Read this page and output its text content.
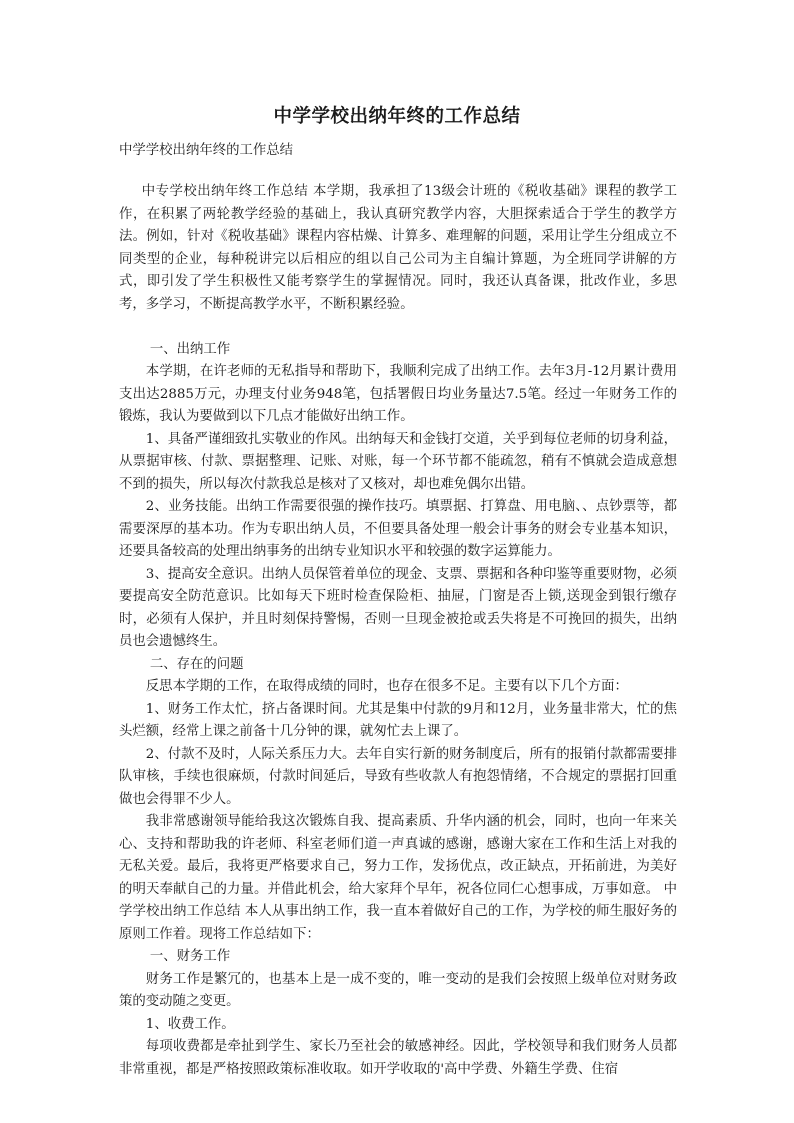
中学学校出纳年终的工作总结
中学学校出纳年终的工作总结

中专学校出纳年终工作总结 本学期，我承担了13级会计班的《税收基础》课程的教学工作，在积累了两轮教学经验的基础上，我认真研究教学内容，大胆探索适合于学生的教学方法。例如，针对《税收基础》课程内容枯燥、计算多、难理解的问题，采用让学生分组成立不同类型的企业，每种税讲完以后相应的组以自己公司为主自编计算题，为全班同学讲解的方式，即引发了学生积极性又能考察学生的掌握情况。同时，我还认真备课，批改作业，多思考，多学习，不断提高教学水平，不断积累经验。

一、出纳工作

本学期，在许老师的无私指导和帮助下，我顺利完成了出纳工作。去年3月-12月累计费用支出达2885万元，办理支付业务948笔，包括署假日均业务量达7.5笔。经过一年财务工作的锻炼，我认为要做到以下几点才能做好出纳工作。

1、具备严谨细致扎实敬业的作风。出纳每天和金钱打交道，关乎到每位老师的切身利益，从票据审核、付款、票据整理、记账、对账，每一个环节都不能疏忽，稍有不慎就会造成意想不到的损失，所以每次付款我总是核对了又核对，却也难免偶尔出错。

2、业务技能。出纳工作需要很强的操作技巧。填票据、打算盘、用电脑、、点钞票等，都需要深厚的基本功。作为专职出纳人员，不但要具备处理一般会计事务的财会专业基本知识，还要具备较高的处理出纳事务的出纳专业知识水平和较强的数字运算能力。

3、提高安全意识。出纳人员保管着单位的现金、支票、票据和各种印鉴等重要财物，必须要提高安全防范意识。比如每天下班时检查保险柜、抽屉，门窗是否上锁,送现金到银行缴存时，必须有人保护，并且时刻保持警惕，否则一旦现金被抢或丢失将是不可挽回的损失，出纳员也会遗憾终生。

二、存在的问题

反思本学期的工作，在取得成绩的同时，也存在很多不足。主要有以下几个方面：

1、财务工作太忙，挤占备课时间。尤其是集中付款的9月和12月，业务量非常大，忙的焦头烂额，经常上课之前备十几分钟的课，就匆忙去上课了。

2、付款不及时，人际关系压力大。去年自实行新的财务制度后，所有的报销付款都需要排队审核，手续也很麻烦，付款时间延后，导致有些收款人有抱怨情绪，不合规定的票据打回重做也会得罪不少人。

我非常感谢领导能给我这次锻炼自我、提高素质、升华内涵的机会，同时，也向一年来关心、支持和帮助我的许老师、科室老师们道一声真诚的感谢，感谢大家在工作和生活上对我的无私关爱。最后，我将更严格要求自己，努力工作，发扬优点，改正缺点，开拓前进，为美好的明天奉献自己的力量。并借此机会，给大家拜个早年，祝各位同仁心想事成，万事如意。 中学学校出纳工作总结 本人从事出纳工作，我一直本着做好自己的工作，为学校的师生服好务的原则工作着。现将工作总结如下：

一、财务工作

财务工作是繁冗的，也基本上是一成不变的，唯一变动的是我们会按照上级单位对财务政策的变动随之变更。

1、收费工作。

每项收费都是牵扯到学生、家长乃至社会的敏感神经。因此，学校领导和我们财务人员都非常重视，都是严格按照政策标准收取。如开学收取的'高中学费、外籍生学费、住宿
